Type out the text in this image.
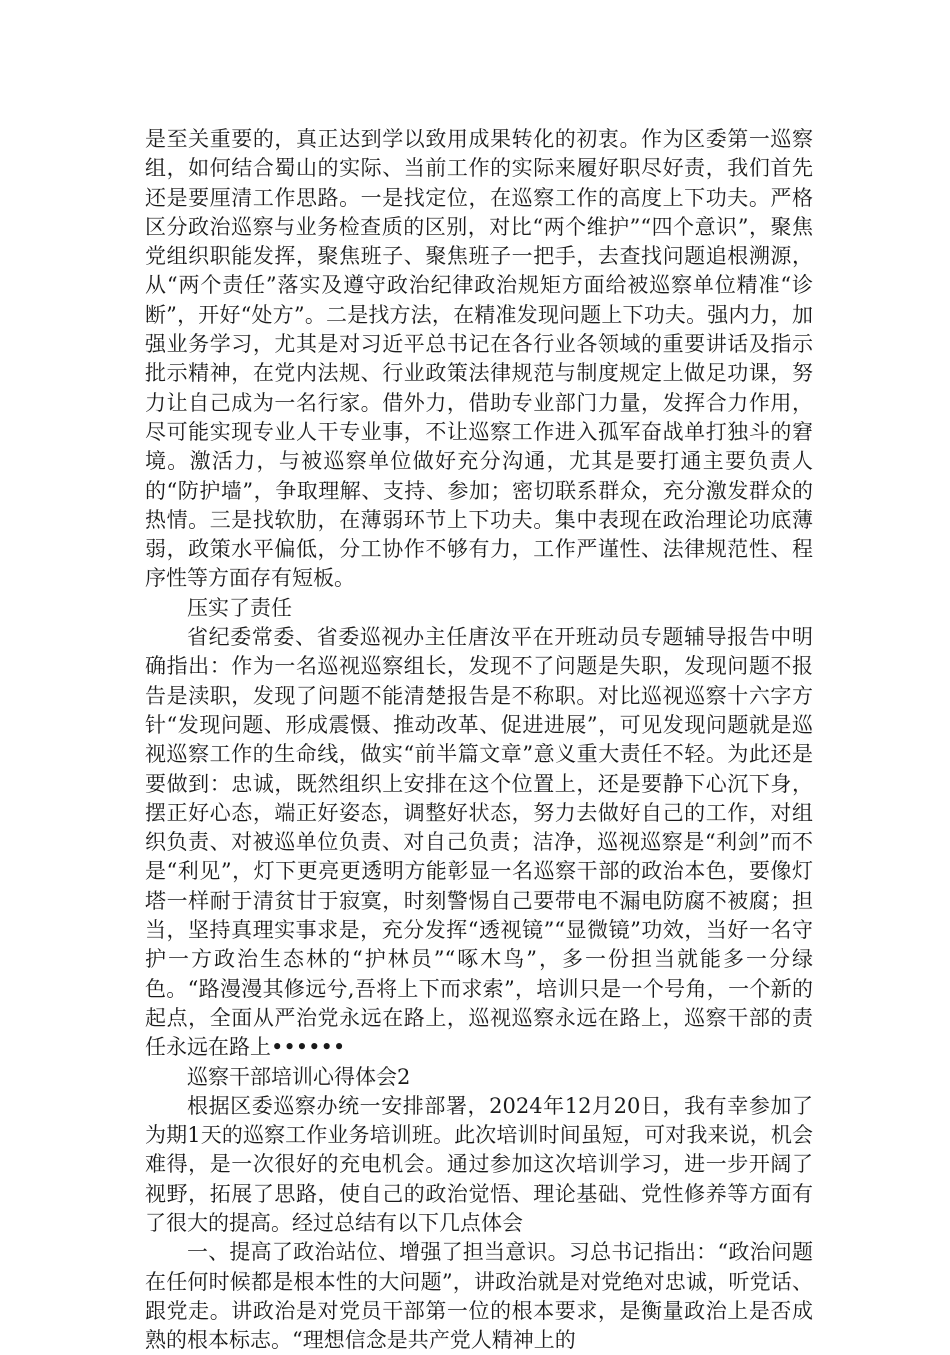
是至关重要的，真正达到学以致用成果转化的初衷。作为区委第一巡察组，如何结合蜀山的实际、当前工作的实际来履好职尽好责，我们首先还是要厘清工作思路。一是找定位，在巡察工作的高度上下功夫。严格区分政治巡察与业务检查质的区别，对比“两个维护”“四个意识”，聚焦党组织职能发挥，聚焦班子、聚焦班子一把手，去查找问题追根溯源，从“两个责任”落实及遵守政治纪律政治规矩方面给被巡察单位精准“诊断”，开好“处方”。二是找方法，在精准发现问题上下功夫。强内力，加强业务学习，尤其是对习近平总书记在各行业各领域的重要讲话及指示批示精神，在党内法规、行业政策法律规范与制度规定上做足功课，努力让自己成为一名行家。借外力，借助专业部门力量，发挥合力作用，尽可能实现专业人干专业事，不让巡察工作进入孤军奋战单打独斗的窘境。激活力，与被巡察单位做好充分沟通，尤其是要打通主要负责人的“防护墙”，争取理解、支持、参加；密切联系群众，充分激发群众的热情。三是找软肋，在薄弱环节上下功夫。集中表现在政治理论功底薄弱，政策水平偏低，分工协作不够有力，工作严谨性、法律规范性、程序性等方面存有短板。

压实了责任

省纪委常委、省委巡视办主任唐汝平在开班动员专题辅导报告中明确指出：作为一名巡视巡察组长，发现不了问题是失职，发现问题不报告是渎职，发现了问题不能清楚报告是不称职。对比巡视巡察十六字方针“发现问题、形成震慑、推动改革、促进进展”，可见发现问题就是巡视巡察工作的生命线，做实“前半篇文章”意义重大责任不轻。为此还是要做到：忠诚，既然组织上安排在这个位置上，还是要静下心沉下身，摆正好心态，端正好姿态，调整好状态，努力去做好自己的工作，对组织负责、对被巡单位负责、对自己负责；洁净，巡视巡察是“利剑”而不是“利见”，灯下更亮更透明方能彰显一名巡察干部的政治本色，要像灯塔一样耐于清贫甘于寂寞，时刻警惕自己要带电不漏电防腐不被腐；担当，坚持真理实事求是，充分发挥“透视镜”“显微镜”功效，当好一名守护一方政治生态林的“护林员”“啄木鸟”，多一份担当就能多一分绿色。“路漫漫其修远兮,吾将上下而求索”，培训只是一个号角，一个新的起点，全面从严治党永远在路上，巡视巡察永远在路上，巡察干部的责任永远在路上••••••

巡察干部培训心得体会2

根据区委巡察办统一安排部署，2024年12月20日，我有幸参加了为期1天的巡察工作业务培训班。此次培训时间虽短，可对我来说，机会难得，是一次很好的充电机会。通过参加这次培训学习，进一步开阔了视野，拓展了思路，使自己的政治觉悟、理论基础、党性修养等方面有了很大的提高。经过总结有以下几点体会

一、提高了政治站位、增强了担当意识。习总书记指出：“政治问题在任何时候都是根本性的大问题”，讲政治就是对党绝对忠诚，听党话、跟党走。讲政治是对党员干部第一位的根本要求，是衡量政治上是否成熟的根本标志。“理想信念是共产党人精神上的
